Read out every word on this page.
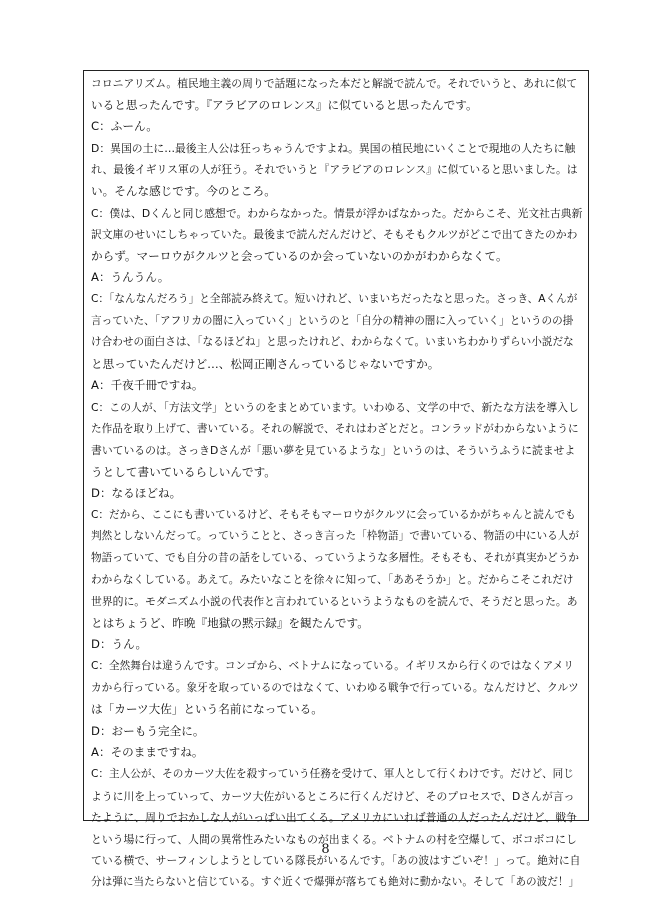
コロニアリズム。植民地主義の周りで話題になった本だと解説で読んで。それでいうと、あれに似て
いると思ったんです。『アラビアのロレンス』に似ていると思ったんです。
C：ふーん。
D：異国の土に…最後主人公は狂っちゃうんですよね。異国の植民地にいくことで現地の人たちに触
れ、最後イギリス軍の人が狂う。それでいうと『アラビアのロレンス』に似ていると思いました。は
い。そんな感じです。今のところ。
C：僕は、Dくんと同じ感想で。わからなかった。情景が浮かばなかった。だからこそ、光文社古典新
訳文庫のせいにしちゃっていた。最後まで読んだんだけど、そもそもクルツがどこで出てきたのかわ
からず。マーロウがクルツと会っているのか会っていないのかがわからなくて。
A：うんうん。
C：「なんなんだろう」と全部読み終えて。短いけれど、いまいちだったなと思った。さっき、Aくんが
言っていた、「アフリカの闇に入っていく」というのと「自分の精神の闇に入っていく」というのの掛
け合わせの面白さは、「なるほどね」と思ったけれど、わからなくて。いまいちわかりずらい小説だな
と思っていたんだけど…、松岡正剛さんっているじゃないですか。
A：千夜千冊ですね。
C：この人が、「方法文学」というのをまとめています。いわゆる、文学の中で、新たな方法を導入し
た作品を取り上げて、書いている。それの解説で、それはわざとだと。コンラッドがわからないように
書いているのは。さっきDさんが「悪い夢を見ているような」というのは、そういうふうに読ませよ
うとして書いているらしいんです。
D：なるほどね。
C：だから、ここにも書いているけど、そもそもマーロウがクルツに会っているかがちゃんと読んでも
判然としないんだって。っていうことと、さっき言った「枠物語」で書いている、物語の中にいる人が
物語っていて、でも自分の昔の話をしている、っていうような多層性。そもそも、それが真実かどうか
わからなくしている。あえて。みたいなことを徐々に知って、「ああそうか」と。だからこそこれだけ
世界的に。モダニズム小説の代表作と言われているというようなものを読んで、そうだと思った。あ
とはちょうど、昨晩『地獄の黙示録』を観たんです。
D：うん。
C：全然舞台は違うんです。コンゴから、ベトナムになっている。イギリスから行くのではなくアメリ
カから行っている。象牙を取っているのではなくて、いわゆる戦争で行っている。なんだけど、クルツ
は「カーツ大佐」という名前になっている。
D：おーもう完全に。
A：そのままですね。
C：主人公が、そのカーツ大佐を殺すっていう任務を受けて、軍人として行くわけです。だけど、同じ
ように川を上っていって、カーツ大佐がいるところに行くんだけど、そのプロセスで、Dさんが言っ
たように、周りでおかしな人がいっぱい出てくる。アメリカにいれば普通の人だったんだけど、戦争
という場に行って、人間の異常性みたいなものが出まくる。ベトナムの村を空爆して、ボコボコにし
ている横で、サーフィンしようとしている隊長がいるんです。「あの波はすごいぞ！」って。絶対に自
分は弾に当たらないと信じている。すぐ近くで爆弾が落ちても絶対に動かない。そして「あの波だ！」
8
